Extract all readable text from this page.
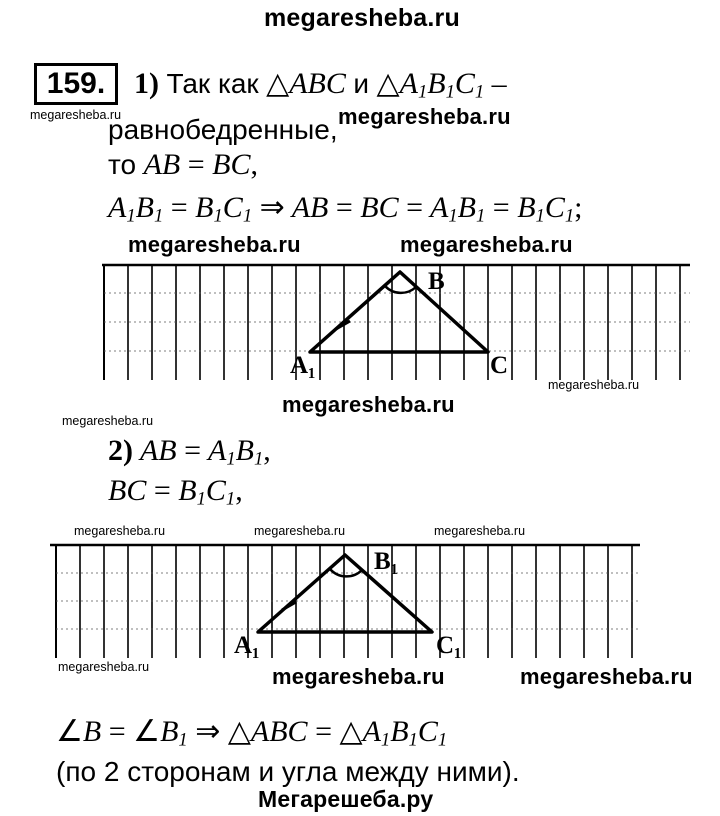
megaresheba.ru
159.
megaresheba.ru
1) Так как △ABC и $\triangle A_1B_1C_1$ –
megaresheba.ru
равнобедренные,
то AB = BC,
$A_1B_1 = B_1C_1$ ⇒ AB = BC = $A_1B_1 = B_1C_1$;
megaresheba.ru	megaresheba.ru
A₁
B
C
megaresheba.ru
megaresheba.ru
megaresheba.ru
2) AB = $A_1B_1$,
BC = $B_1C_1$,
megaresheba.ru	megaresheba.ru	megaresheba.ru
A₁
B₁
C₁
megaresheba.ru	megaresheba.ru	megaresheba.ru
∠B = $\angle B_1$ ⇒ △ABC = $\triangle A_1B_1C_1$
(по 2 сторонам и угла между ними).
Мегарешеба.ру
